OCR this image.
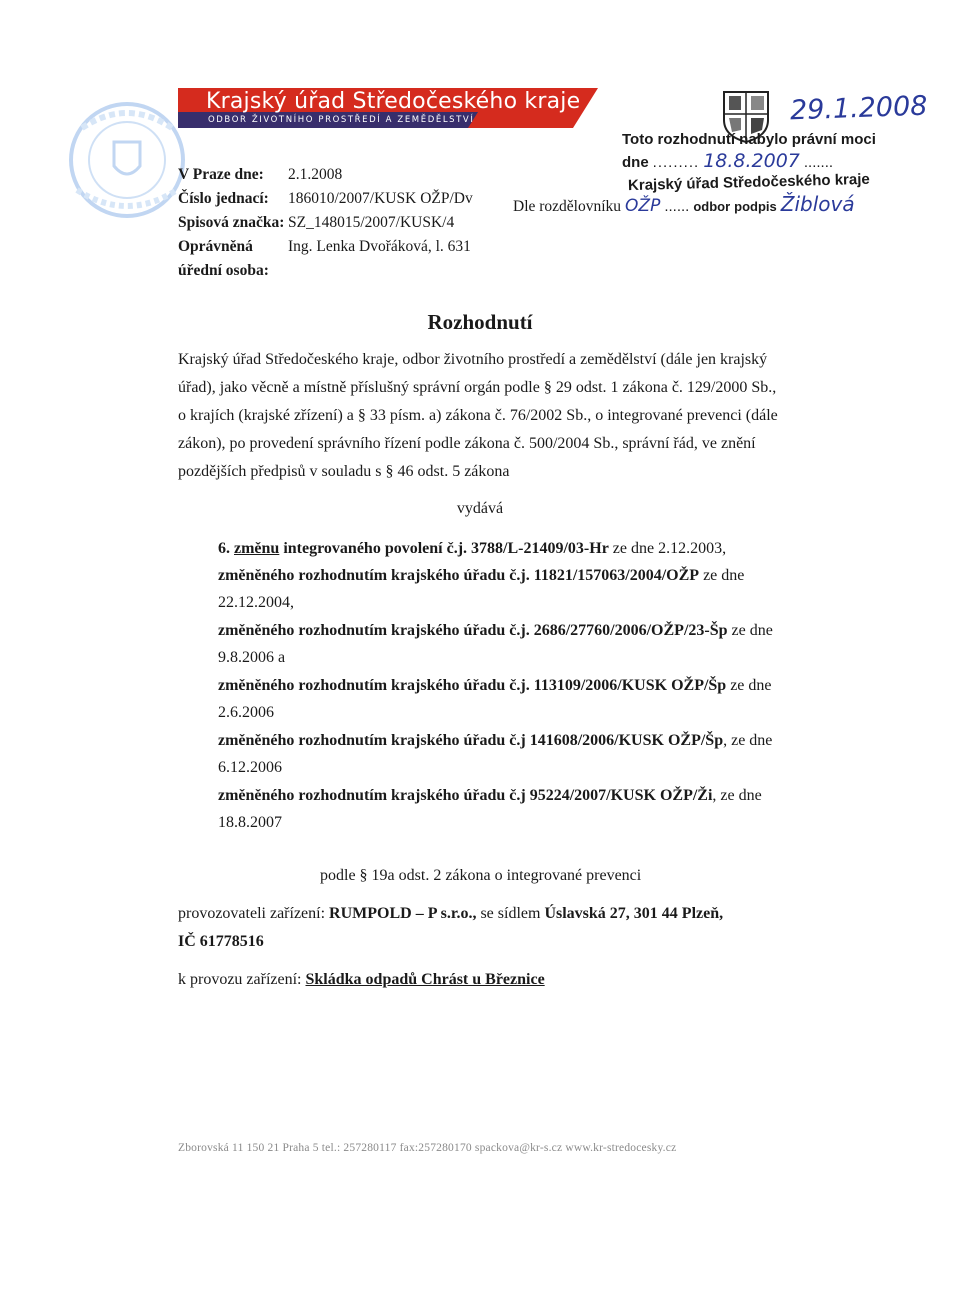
Krajský úřad Středočeského kraje
ODBOR ŽIVOTNÍHO PROSTŘEDÍ A ZEMĚDĚLSTVÍ	29.1.2008
Toto rozhodnutí nabylo právní moci
dne ......... 18.8.2007 .......
Krajský úřad Středočeského kraje
Dle rozdělovníku OŽP ...... odbor podpis Žiblová
V Praze dne: 2.1.2008
Číslo jednací: 186010/2007/KUSK OŽP/Dv
Spisová značka: SZ_148015/2007/KUSK/4
Oprávněná Ing. Lenka Dvořáková, l. 631
úřední osoba:
Rozhodnutí
Krajský úřad Středočeského kraje, odbor životního prostředí a zemědělství (dále jen krajský
úřad), jako věcně a místně příslušný správní orgán podle § 29 odst. 1 zákona č. 129/2000 Sb.,
o krajích (krajské zřízení) a § 33 písm. a) zákona č. 76/2002 Sb., o integrované prevenci (dále
zákon), po provedení správního řízení podle zákona č. 500/2004 Sb., správní řád, ve znění
pozdějších předpisů v souladu s § 46 odst. 5 zákona
vydává
6. změnu integrovaného povolení č.j. 3788/L-21409/03-Hr ze dne 2.12.2003,
změněného rozhodnutím krajského úřadu č.j. 11821/157063/2004/OŽP ze dne
22.12.2004,
změněného rozhodnutím krajského úřadu č.j. 2686/27760/2006/OŽP/23-Šp ze dne
9.8.2006 a
změněného rozhodnutím krajského úřadu č.j. 113109/2006/KUSK OŽP/Šp ze dne
2.6.2006
změněného rozhodnutím krajského úřadu č.j 141608/2006/KUSK OŽP/Šp, ze dne
6.12.2006
změněného rozhodnutím krajského úřadu č.j 95224/2007/KUSK OŽP/Ži, ze dne
18.8.2007
podle § 19a odst. 2 zákona o integrované prevenci
provozovateli zařízení: RUMPOLD – P s.r.o., se sídlem Úslavská 27, 301 44 Plzeň,
IČ 61778516
k provozu zařízení: Skládka odpadů Chrást u Březnice
Zborovská 11 150 21 Praha 5 tel.: 257280117 fax:257280170 spackova@kr-s.cz www.kr-stredocesky.cz
